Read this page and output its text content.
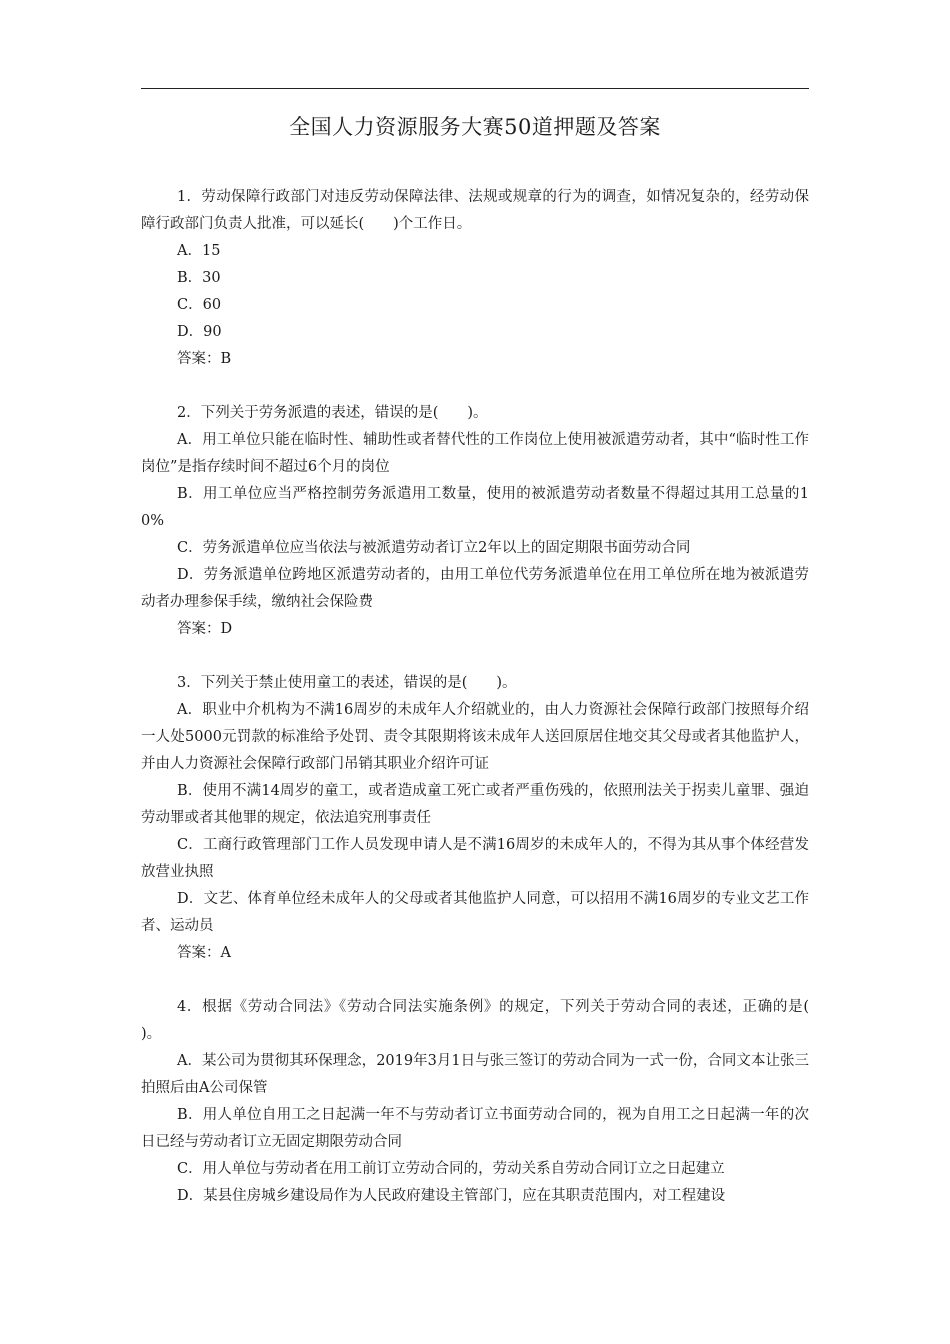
全国人力资源服务大赛50道押题及答案

1．劳动保障行政部门对违反劳动保障法律、法规或规章的行为的调查，如情况复杂的，经劳动保障行政部门负责人批准，可以延长(　　)个工作日。

A．15

B．30

C．60

D．90

答案：B

2．下列关于劳务派遣的表述，错误的是(　　)。

A．用工单位只能在临时性、辅助性或者替代性的工作岗位上使用被派遣劳动者，其中“临时性工作岗位”是指存续时间不超过6个月的岗位

B．用工单位应当严格控制劳务派遣用工数量，使用的被派遣劳动者数量不得超过其用工总量的10%

C．劳务派遣单位应当依法与被派遣劳动者订立2年以上的固定期限书面劳动合同

D．劳务派遣单位跨地区派遣劳动者的，由用工单位代劳务派遣单位在用工单位所在地为被派遣劳动者办理参保手续，缴纳社会保险费

答案：D

3．下列关于禁止使用童工的表述，错误的是(　　)。

A．职业中介机构为不满16周岁的未成年人介绍就业的，由人力资源社会保障行政部门按照每介绍一人处5000元罚款的标准给予处罚、责令其限期将该未成年人送回原居住地交其父母或者其他监护人，并由人力资源社会保障行政部门吊销其职业介绍许可证

B．使用不满14周岁的童工，或者造成童工死亡或者严重伤残的，依照刑法关于拐卖儿童罪、强迫劳动罪或者其他罪的规定，依法追究刑事责任

C．工商行政管理部门工作人员发现申请人是不满16周岁的未成年人的，不得为其从事个体经营发放营业执照

D．文艺、体育单位经未成年人的父母或者其他监护人同意，可以招用不满16周岁的专业文艺工作者、运动员

答案：A

4．根据《劳动合同法》《劳动合同法实施条例》的规定，下列关于劳动合同的表述，正确的是(　　)。

A．某公司为贯彻其环保理念，2019年3月1日与张三签订的劳动合同为一式一份，合同文本让张三拍照后由A公司保管

B．用人单位自用工之日起满一年不与劳动者订立书面劳动合同的，视为自用工之日起满一年的次日已经与劳动者订立无固定期限劳动合同

C．用人单位与劳动者在用工前订立劳动合同的，劳动关系自劳动合同订立之日起建立

D．某县住房城乡建设局作为人民政府建设主管部门，应在其职责范围内，对工程建设
